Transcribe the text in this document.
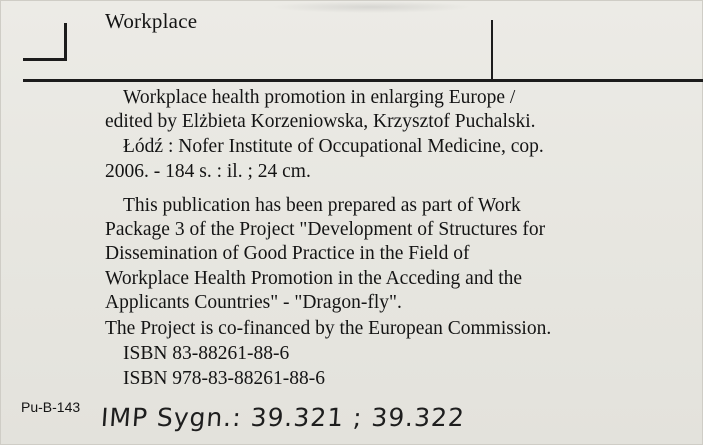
Workplace
Workplace health promotion in enlarging Europe /
edited by Elżbieta Korzeniowska, Krzysztof Puchalski.
Łódź : Nofer Institute of Occupational Medicine, cop.
2006. - 184 s. : il. ; 24 cm.
This publication has been prepared as part of Work
Package 3 of the Project "Development of Structures for
Dissemination of Good Practice in the Field of
Workplace Health Promotion in the Acceding and the
Applicants Countries" - "Dragon-fly".
The Project is co-financed by the European Commission.
ISBN 83-88261-88-6
ISBN 978-83-88261-88-6
Pu-B-143 IMP Sygn.: 39.321 ; 39.322
